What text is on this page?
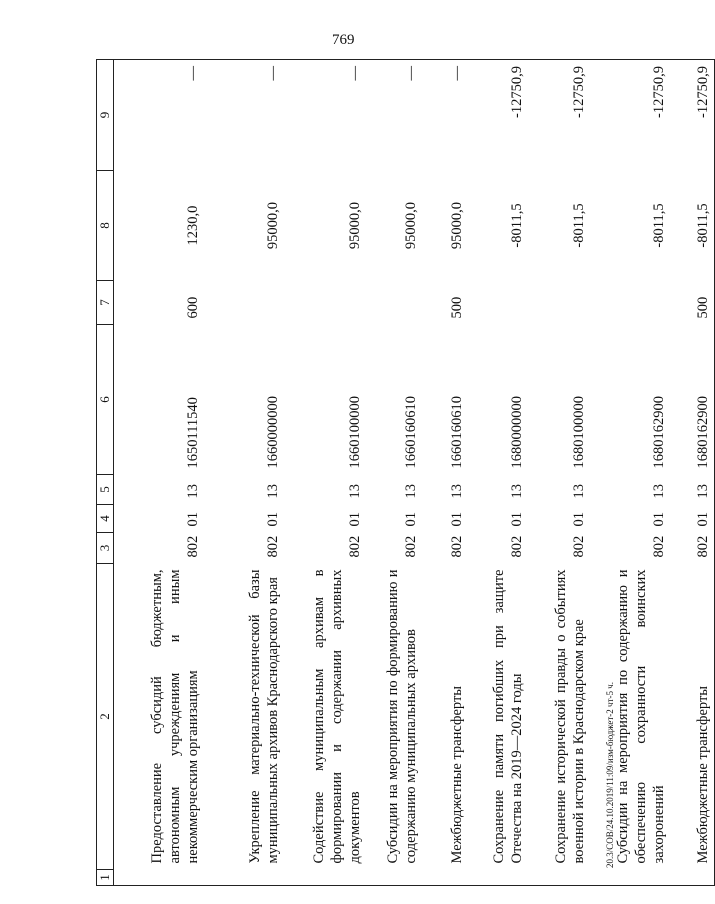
769
1	2	3	4	5	6	7	8	9
	Предоставление субсидий бюджетным, автономным учреждениям и иным некоммерческим организациям	802	01	13	1650111540	600	1230,0	—
	Укрепление материально-технической базы муниципальных архивов Краснодарского края	802	01	13	1660000000		95000,0	—
	Содействие муниципальным архивам в формировании и содержании архивных документов	802	01	13	1660100000		95000,0	—
	Субсидии на мероприятия по формированию и содержанию муниципальных архивов	802	01	13	1660160610		95000,0	—
	Межбюджетные трансферты	802	01	13	1660160610	500	95000,0	—
	Сохранение памяти погибших при защите Отечества на 2019—2024 годы	802	01	13	1680000000		-8011,5	-12750,9
	Сохранение исторической правды о событиях военной истории в Краснодарском крае	802	01	13	1680100000		-8011,5	-12750,9
	Субсидии на мероприятия по содержанию и обеспечению сохранности воинских захоронений	802	01	13	1680162900		-8011,5	-12750,9
	Межбюджетные трансферты	802	01	13	1680162900	500	-8011,5	-12750,9
20.3/COB/24.10.2019/11:09/изм-бюджет-2 чт-5 ч.
